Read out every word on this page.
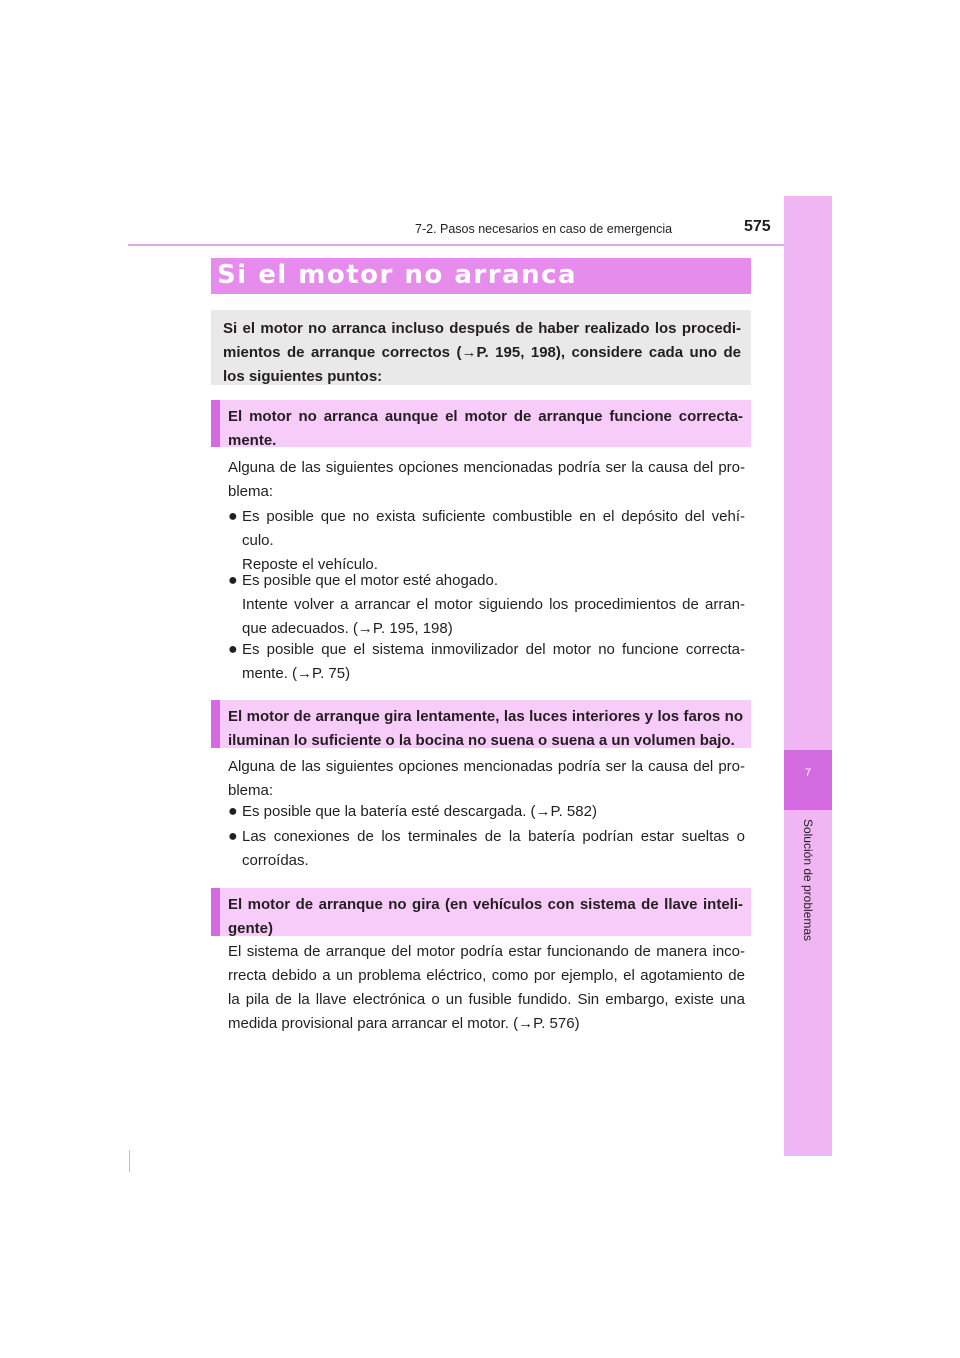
7-2. Pasos necesarios en caso de emergencia	575
7
Solución de problemas
Si el motor no arranca
Si el motor no arranca incluso después de haber realizado los procedi-mientos de arranque correctos (→P. 195, 198), considere cada uno de los siguientes puntos:
El motor no arranca aunque el motor de arranque funcione correcta-mente.

Alguna de las siguientes opciones mencionadas podría ser la causa del pro-blema:

● Es posible que no exista suficiente combustible en el depósito del vehí-culo.
Reposte el vehículo.
● Es posible que el motor esté ahogado.
Intente volver a arrancar el motor siguiendo los procedimientos de arran-que adecuados. (→P. 195, 198)
● Es posible que el sistema inmovilizador del motor no funcione correcta-mente. (→P. 75)
El motor de arranque gira lentamente, las luces interiores y los faros no iluminan lo suficiente o la bocina no suena o suena a un volumen bajo.

Alguna de las siguientes opciones mencionadas podría ser la causa del pro-blema:

● Es posible que la batería esté descargada. (→P. 582)
● Las conexiones de los terminales de la batería podrían estar sueltas o corroídas.
El motor de arranque no gira (en vehículos con sistema de llave inteli-gente)

El sistema de arranque del motor podría estar funcionando de manera inco-rrecta debido a un problema eléctrico, como por ejemplo, el agotamiento de la pila de la llave electrónica o un fusible fundido. Sin embargo, existe una medida provisional para arrancar el motor. (→P. 576)
